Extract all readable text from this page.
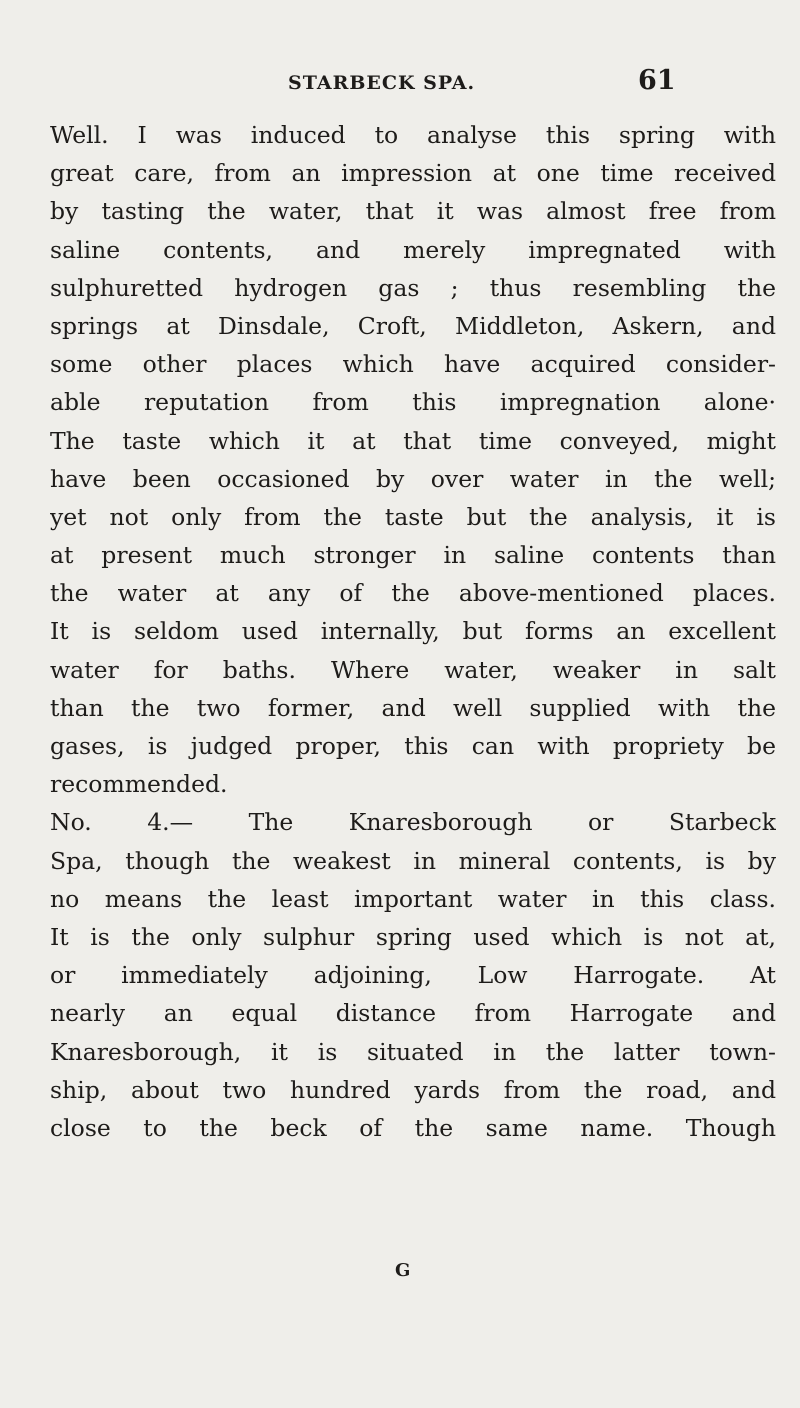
STARBECK SPA.	61
Well. I was induced to analyse this spring with
great care, from an impression at one time received
by tasting the water, that it was almost free from
saline contents, and merely impregnated with
sulphuretted hydrogen gas ; thus resembling the
springs at Dinsdale, Croft, Middleton, Askern, and
some other places which have acquired consider-
able reputation from this impregnation alone·
The taste which it at that time conveyed, might
have been occasioned by over water in the well;
yet not only from the taste but the analysis, it is
at present much stronger in saline contents than
the water at any of the above-mentioned places.
It is seldom used internally, but forms an excellent
water for baths. Where water, weaker in salt
than the two former, and well supplied with the
gases, is judged proper, this can with propriety be
recommended.
No. 4.— The Knaresborough or Starbeck
Spa, though the weakest in mineral contents, is by
no means the least important water in this class.
It is the only sulphur spring used which is not at,
or immediately adjoining, Low Harrogate. At
nearly an equal distance from Harrogate and
Knaresborough, it is situated in the latter town-
ship, about two hundred yards from the road, and
close to the beck of the same name. Though
G
